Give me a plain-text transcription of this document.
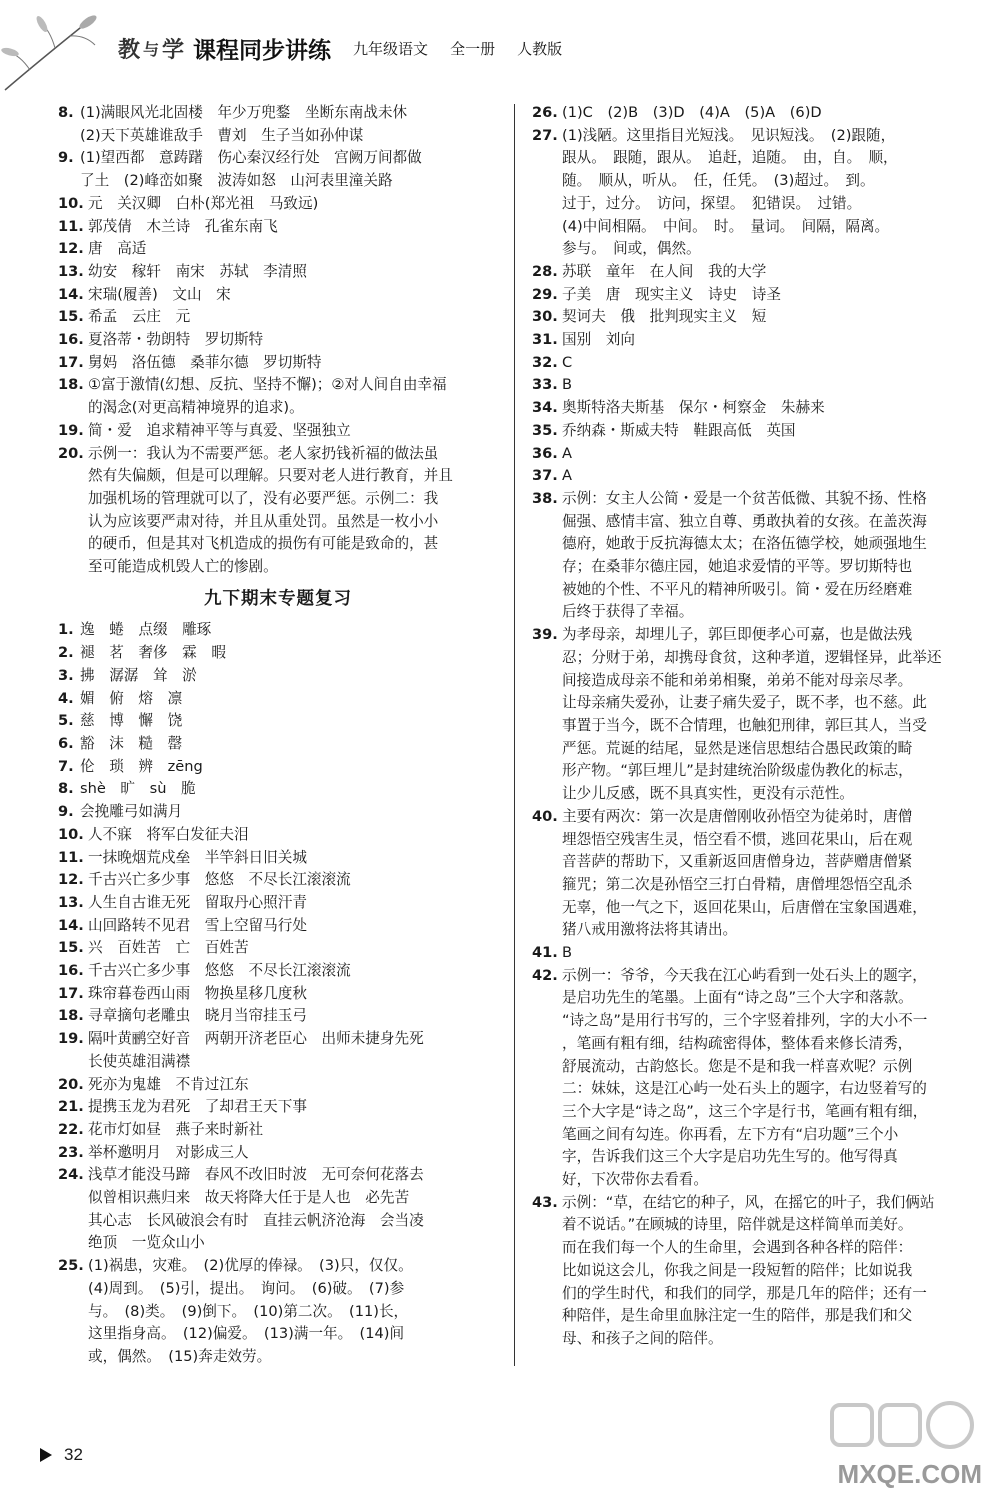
教 与 学 课程同步讲练 九年级语文 全一册 人教版
8. (1)满眼风光北固楼　年少万兜鍪　坐断东南战未休
(2)天下英雄谁敌手　曹刘　生子当如孙仲谋
9. (1)望西都　意踌躇　伤心秦汉经行处　宫阙万间都做
了土　(2)峰峦如聚　波涛如怒　山河表里潼关路
10. 元　关汉卿　白朴(郑光祖　马致远)
11. 郭茂倩　木兰诗　孔雀东南飞
12. 唐　高适
13. 幼安　稼轩　南宋　苏轼　李清照
14. 宋瑞(履善)　文山　宋
15. 希孟　云庄　元
16. 夏洛蒂・勃朗特　罗切斯特
17. 舅妈　洛伍德　桑菲尔德　罗切斯特
18. ①富于激情(幻想、反抗、坚持不懈)；②对人间自由幸福
的渴念(对更高精神境界的追求)。
19. 简・爱　追求精神平等与真爱、坚强独立
20. 示例一：我认为不需要严惩。老人家扔钱祈福的做法虽
然有失偏颇，但是可以理解。只要对老人进行教育，并且
加强机场的管理就可以了，没有必要严惩。示例二：我
认为应该要严肃对待，并且从重处罚。虽然是一枚小小
的硬币，但是其对飞机造成的损伤有可能是致命的，甚
至可能造成机毁人亡的惨剧。
九下期末专题复习
1. 逸　蜷　点缀　雕琢
2. 褪　茗　奢侈　霖　暇
3. 拂　潺潺　耸　淤
4. 媚　俯　熔　凛
5. 慈　博　懈　饶
6. 豁　沫　糙　罄
7. 伦　琐　辨　zēng
8. shè　旷　sù　脆
9. 会挽雕弓如满月
10. 人不寐　将军白发征夫泪
11. 一抹晚烟荒戍垒　半竿斜日旧关城
12. 千古兴亡多少事　悠悠　不尽长江滚滚流
13. 人生自古谁无死　留取丹心照汗青
14. 山回路转不见君　雪上空留马行处
15. 兴　百姓苦　亡　百姓苦
16. 千古兴亡多少事　悠悠　不尽长江滚滚流
17. 珠帘暮卷西山雨　物换星移几度秋
18. 寻章摘句老雕虫　晓月当帘挂玉弓
19. 隔叶黄鹂空好音　两朝开济老臣心　出师未捷身先死
长使英雄泪满襟
20. 死亦为鬼雄　不肯过江东
21. 提携玉龙为君死　了却君王天下事
22. 花市灯如昼　燕子来时新社
23. 举杯邀明月　对影成三人
24. 浅草才能没马蹄　春风不改旧时波　无可奈何花落去
似曾相识燕归来　故天将降大任于是人也　必先苦
其心志　长风破浪会有时　直挂云帆济沧海　会当凌
绝顶　一览众山小
25. (1)祸患，灾难。　(2)优厚的俸禄。　(3)只，仅仅。
(4)周到。　(5)引，提出。　询问。　(6)破。　(7)参
与。　(8)类。　(9)倒下。　(10)第二次。　(11)长，
这里指身高。　(12)偏爱。　(13)满一年。　(14)间
或，偶然。　(15)奔走效劳。
26. (1)C　(2)B　(3)D　(4)A　(5)A　(6)D
27. (1)浅陋。这里指目光短浅。　见识短浅。　(2)跟随，
跟从。　跟随，跟从。　追赶，追随。　由，自。　顺，
随。　顺从，听从。　任，任凭。　(3)超过。　到。
过于，过分。　访问，探望。　犯错误。　过错。
(4)中间相隔。　中间。　时。　量词。　间隔，隔离。
参与。　间或，偶然。
28. 苏联　童年　在人间　我的大学
29. 子美　唐　现实主义　诗史　诗圣
30. 契诃夫　俄　批判现实主义　短
31. 国别　刘向
32. C
33. B
34. 奥斯特洛夫斯基　保尔・柯察金　朱赫来
35. 乔纳森・斯威夫特　鞋跟高低　英国
36. A
37. A
38. 示例：女主人公简・爱是一个贫苦低微、其貌不扬、性格
倔强、感情丰富、独立自尊、勇敢执着的女孩。在盖茨海
德府，她敢于反抗海德太太；在洛伍德学校，她顽强地生
存；在桑菲尔德庄园，她追求爱情的平等。罗切斯特也
被她的个性、不平凡的精神所吸引。简・爱在历经磨难
后终于获得了幸福。
39. 为孝母亲，却埋儿子，郭巨即便孝心可嘉，也是做法残
忍；分财于弟，却携母食贫，这种孝道，逻辑怪异，此举还
间接造成母亲不能和弟弟相聚，弟弟不能对母亲尽孝。
让母亲痛失爱孙，让妻子痛失爱子，既不孝，也不慈。此
事置于当今，既不合情理，也触犯刑律，郭巨其人，当受
严惩。荒诞的结尾，显然是迷信思想结合愚民政策的畸
形产物。“郭巨埋儿”是封建统治阶级虚伪教化的标志，
让少儿反感，既不具真实性，更没有示范性。
40. 主要有两次：第一次是唐僧刚收孙悟空为徒弟时，唐僧
埋怨悟空残害生灵，悟空看不惯，逃回花果山，后在观
音菩萨的帮助下，又重新返回唐僧身边，菩萨赠唐僧紧
箍咒；第二次是孙悟空三打白骨精，唐僧埋怨悟空乱杀
无辜，他一气之下，返回花果山，后唐僧在宝象国遇难，
猪八戒用激将法将其请出。
41. B
42. 示例一：爷爷，今天我在江心屿看到一处石头上的题字，
是启功先生的笔墨。上面有“诗之岛”三个大字和落款。
“诗之岛”是用行书写的，三个字竖着排列，字的大小不一
，笔画有粗有细，结构疏密得体，整体看来修长清秀，
舒展流动，古韵悠长。您是不是和我一样喜欢呢？示例
二：妹妹，这是江心屿一处石头上的题字，右边竖着写的
三个大字是“诗之岛”，这三个字是行书，笔画有粗有细，
笔画之间有勾连。你再看，左下方有“启功题”三个小
字，告诉我们这三个大字是启功先生写的。他写得真
好，下次带你去看看。
43. 示例：“草，在结它的种子，风，在摇它的叶子，我们俩站
着不说话。”在顾城的诗里，陪伴就是这样简单而美好。
而在我们每一个人的生命里，会遇到各种各样的陪伴：
比如说这会儿，你我之间是一段短暂的陪伴；比如说我
们的学生时代，和我们的同学，那是几年的陪伴；还有一
种陪伴，是生命里血脉注定一生的陪伴，那是我们和父
母、和孩子之间的陪伴。
32
MXQE.COM
